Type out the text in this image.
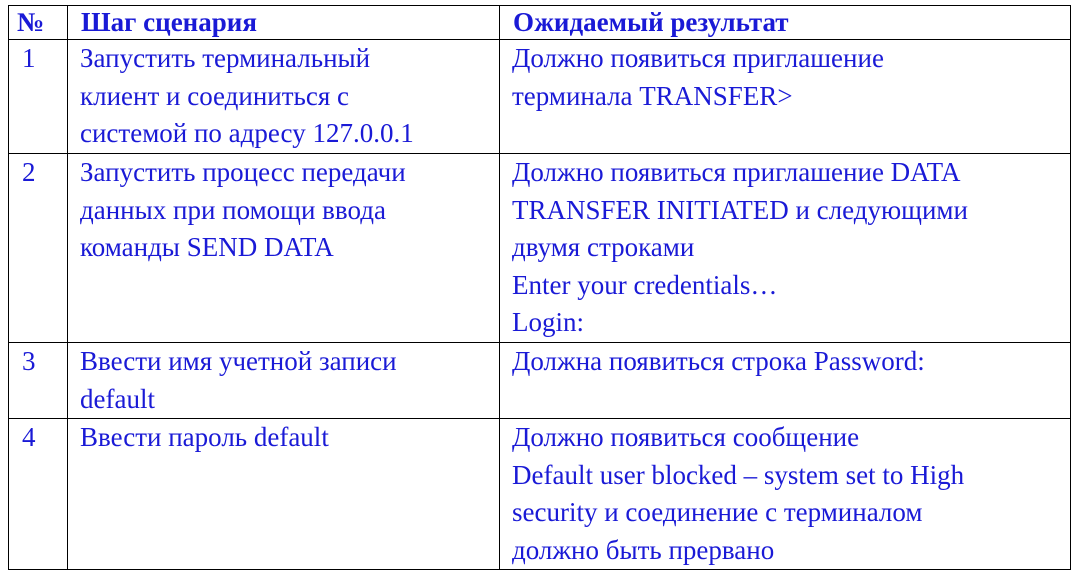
№	Шаг сценария	Ожидаемый результат
1	Запустить терминальный
клиент и соединиться с
системой по адресу 127.0.0.1	Должно появиться приглашение
терминала TRANSFER>
2	Запустить процесс передачи
данных при помощи ввода
команды SEND DATA	Должно появиться приглашение DATA
TRANSFER INITIATED и следующими
двумя строками
Enter your credentials…
Login:
3	Ввести имя учетной записи
default	Должна появиться строка Password:
4	Ввести пароль default	Должно появиться сообщение
Default user blocked – system set to High
security и соединение с терминалом
должно быть прервано
